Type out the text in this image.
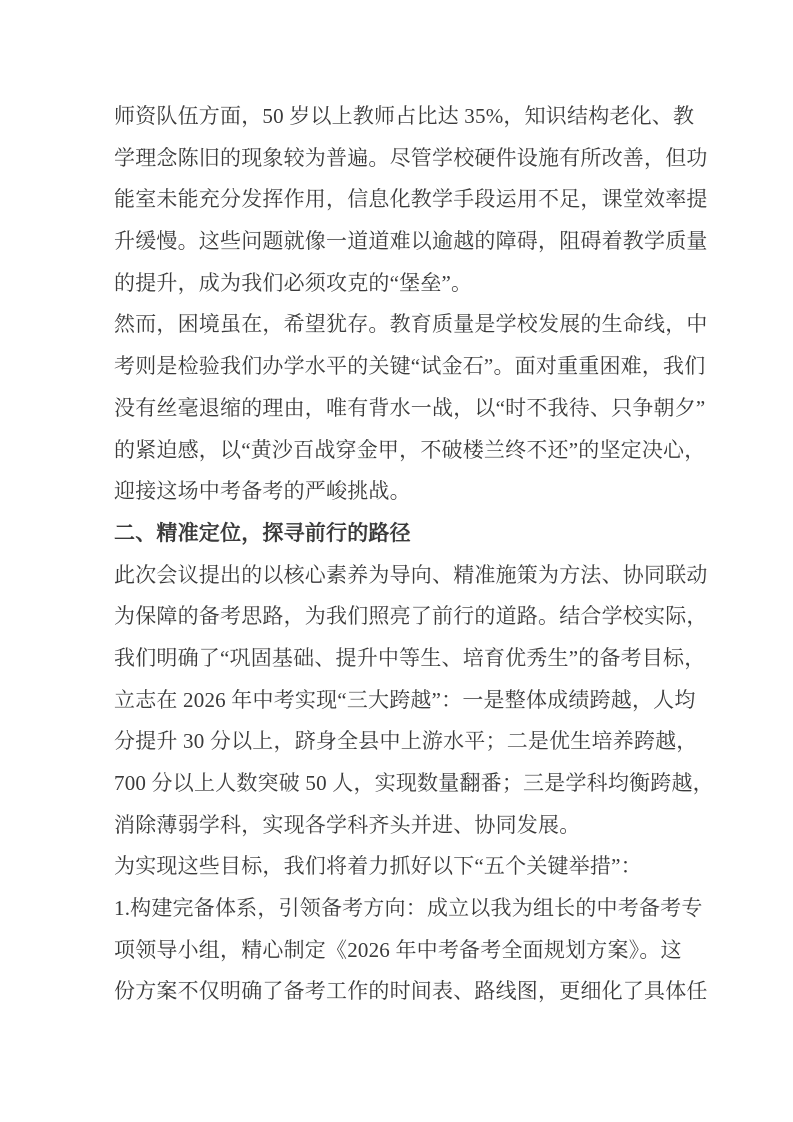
师资队伍方面，50 岁以上教师占比达 35%，知识结构老化、教
学理念陈旧的现象较为普遍。尽管学校硬件设施有所改善，但功
能室未能充分发挥作用，信息化教学手段运用不足，课堂效率提
升缓慢。这些问题就像一道道难以逾越的障碍，阻碍着教学质量
的提升，成为我们必须攻克的“堡垒”。
然而，困境虽在，希望犹存。教育质量是学校发展的生命线，中
考则是检验我们办学水平的关键“试金石”。面对重重困难，我们
没有丝毫退缩的理由，唯有背水一战，以“时不我待、只争朝夕”
的紧迫感，以“黄沙百战穿金甲，不破楼兰终不还”的坚定决心，
迎接这场中考备考的严峻挑战。
二、精准定位，探寻前行的路径
此次会议提出的以核心素养为导向、精准施策为方法、协同联动
为保障的备考思路，为我们照亮了前行的道路。结合学校实际，
我们明确了“巩固基础、提升中等生、培育优秀生”的备考目标，
立志在 2026 年中考实现“三大跨越”：一是整体成绩跨越，人均
分提升 30 分以上，跻身全县中上游水平；二是优生培养跨越，
700 分以上人数突破 50 人，实现数量翻番；三是学科均衡跨越，
消除薄弱学科，实现各学科齐头并进、协同发展。
为实现这些目标，我们将着力抓好以下“五个关键举措”：
1.构建完备体系，引领备考方向：成立以我为组长的中考备考专
项领导小组，精心制定《2026 年中考备考全面规划方案》。这
份方案不仅明确了备考工作的时间表、路线图，更细化了具体任
